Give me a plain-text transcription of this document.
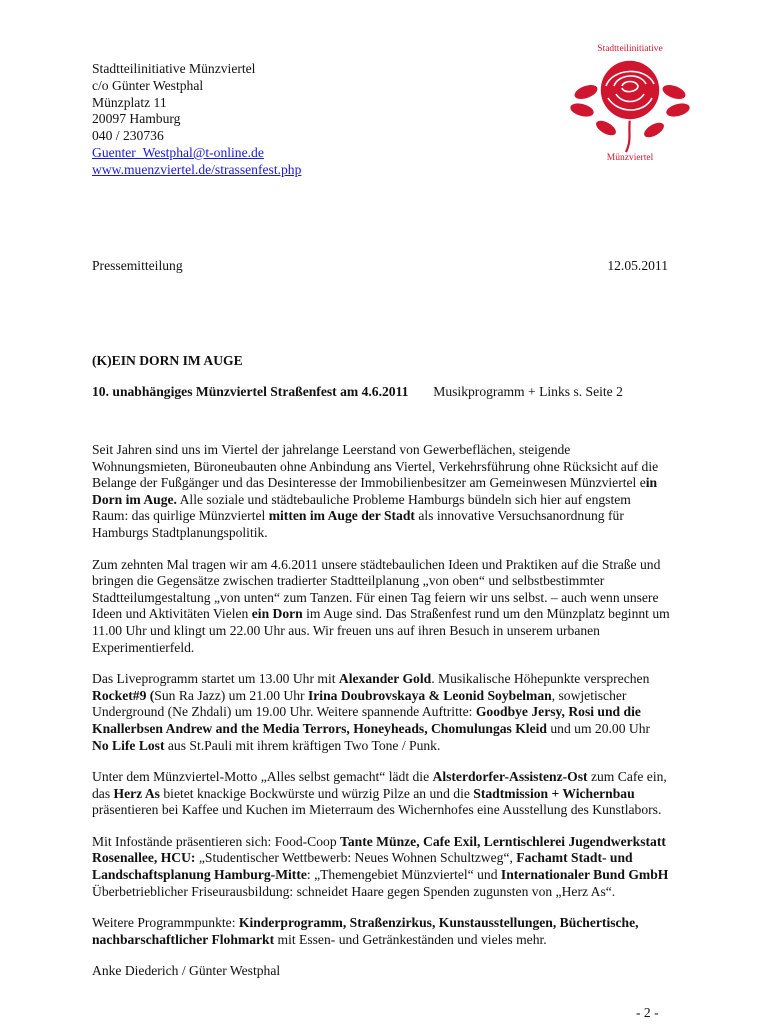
Stadtteilinitiative Münzviertel
c/o Günter Westphal
Münzplatz 11
20097 Hamburg
040 / 230736
Guenter_Westphal@t-online.de
www.muenzviertel.de/strassenfest.php
Stadtteilinitiative
Münzviertel
Pressemitteilung	12.05.2011
(K)EIN DORN IM AUGE
10. unabhängiges Münzviertel Straßenfest am 4.6.2011 Musikprogramm + Links s. Seite 2

Seit Jahren sind uns im Viertel der jahrelange Leerstand von Gewerbeflächen, steigende Wohnungsmieten, Büroneubauten ohne Anbindung ans Viertel, Verkehrsführung ohne Rücksicht auf die Belange der Fußgänger und das Desinteresse der Immobilienbesitzer am Gemeinwesen Münzviertel ein Dorn im Auge. Alle soziale und städtebauliche Probleme Hamburgs bündeln sich hier auf engstem Raum: das quirlige Münzviertel mitten im Auge der Stadt als innovative Versuchsanordnung für Hamburgs Stadtplanungspolitik.

Zum zehnten Mal tragen wir am 4.6.2011 unsere städtebaulichen Ideen und Praktiken auf die Straße und bringen die Gegensätze zwischen tradierter Stadtteilplanung „von oben“ und selbstbestimmter Stadtteilumgestaltung „von unten“ zum Tanzen. Für einen Tag feiern wir uns selbst. – auch wenn unsere Ideen und Aktivitäten Vielen ein Dorn im Auge sind. Das Straßenfest rund um den Münzplatz beginnt um 11.00 Uhr und klingt um 22.00 Uhr aus. Wir freuen uns auf ihren Besuch in unserem urbanen Experimentierfeld.

Das Liveprogramm startet um 13.00 Uhr mit Alexander Gold. Musikalische Höhepunkte versprechen Rocket#9 (Sun Ra Jazz) um 21.00 Uhr Irina Doubrovskaya & Leonid Soybelman, sowjetischer Underground (Ne Zhdali) um 19.00 Uhr. Weitere spannende Auftritte: Goodbye Jersy, Rosi und die Knallerbsen Andrew and the Media Terrors, Honeyheads, Chomulungas Kleid und um 20.00 Uhr No Life Lost aus St.Pauli mit ihrem kräftigen Two Tone / Punk.

Unter dem Münzviertel-Motto „Alles selbst gemacht“ lädt die Alsterdorfer-Assistenz-Ost zum Cafe ein, das Herz As bietet knackige Bockwürste und würzig Pilze an und die Stadtmission + Wichernbau präsentieren bei Kaffee und Kuchen im Mieterraum des Wichernhofes eine Ausstellung des Kunstlabors.

Mit Infostände präsentieren sich: Food-Coop Tante Münze, Cafe Exil, Lerntischlerei Jugendwerkstatt Rosenallee, HCU: „Studentischer Wettbewerb: Neues Wohnen Schultzweg“, Fachamt Stadt- und Landschaftsplanung Hamburg-Mitte: „Themengebiet Münzviertel“ und Internationaler Bund GmbH Überbetrieblicher Friseurausbildung: schneidet Haare gegen Spenden zugunsten von „Herz As“.

Weitere Programmpunkte: Kinderprogramm, Straßenzirkus, Kunstausstellungen, Büchertische, nachbarschaftlicher Flohmarkt mit Essen- und Getränkeständen und vieles mehr.

Anke Diederich / Günter Westphal

- 2 -
